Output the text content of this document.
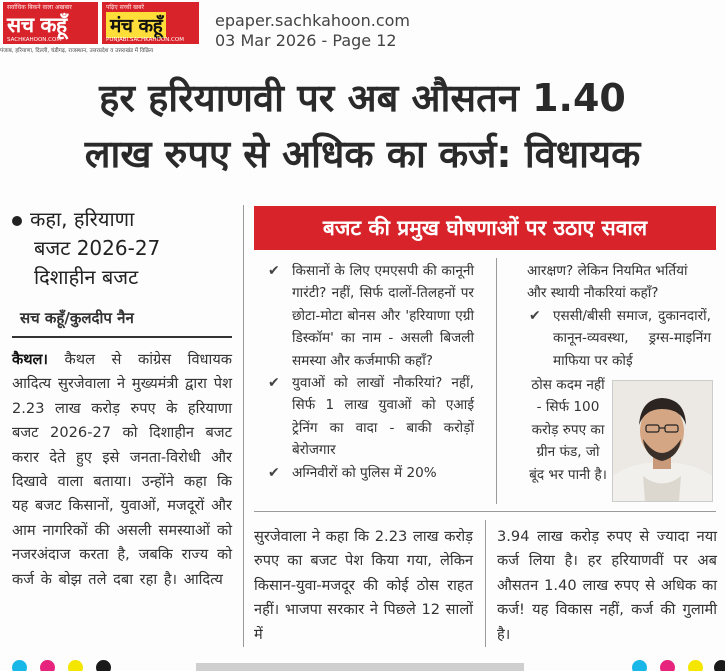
सर्वाधिक बिकने वाला अखबार
सच कहूँ
SACHKAHOON.COM
पढ़िए सच्ची खबरें
मंच कहूँ
PUNJABI.SACHKAHOON.COM
पंजाब, हरियाणा, दिल्ली, चंडीगढ़, राजस्थान, उत्तरप्रदेश व उत्तराखंड में विक्रिय
epaper.sachkahoon.com
03 Mar 2026 - Page 12
हर हरियाणवी पर अब औसतन 1.40
लाख रुपए से अधिक का कर्ज: विधायक
कहा, हरियाणा
बजट 2026-27
दिशाहीन बजट
सच कहूँ/कुलदीप नैन
कैथल। कैथल से कांग्रेस विधायक आदित्य सुरजेवाला ने मुख्यमंत्री द्वारा पेश 2.23 लाख करोड़ रुपए के हरियाणा बजट 2026-27 को दिशाहीन बजट करार देते हुए इसे जनता-विरोधी और दिखावे वाला बताया। उन्होंने कहा कि यह बजट किसानों, युवाओं, मजदूरों और आम नागरिकों की असली समस्याओं को नजरअंदाज करता है, जबकि राज्य को कर्ज के बोझ तले दबा रहा है। आदित्य
बजट की प्रमुख घोषणाओं पर उठाए सवाल
✔ किसानों के लिए एमएसपी की कानूनी गारंटी? नहीं, सिर्फ दालों-तिलहनों पर छोटा-मोटा बोनस और 'हरियाणा एग्री डिस्कॉम' का नाम - असली बिजली समस्या और कर्जमाफी कहाँ?
✔ युवाओं को लाखों नौकरियां? नहीं, सिर्फ 1 लाख युवाओं को एआई ट्रेनिंग का वादा - बाकी करोड़ों बेरोजगार
✔ अग्निवीरों को पुलिस में 20%
आरक्षण? लेकिन नियमित भर्तियां और स्थायी नौकरियां कहाँ?
✔ एससी/बीसी समाज, दुकानदारों, कानून-व्यवस्था, ड्रग्स-माइनिंग माफिया पर कोई
ठोस कदम नहीं - सिर्फ 100 करोड़ रुपए का ग्रीन फंड, जो बूंद भर पानी है।
सुरजेवाला ने कहा कि 2.23 लाख करोड़ रुपए का बजट पेश किया गया, लेकिन किसान-युवा-मजदूर की कोई ठोस राहत नहीं। भाजपा सरकार ने पिछले 12 सालों में
3.94 लाख करोड़ रुपए से ज्यादा नया कर्ज लिया है। हर हरियाणवीं पर अब औसतन 1.40 लाख रुपए से अधिक का कर्ज! यह विकास नहीं, कर्ज की गुलामी है।
